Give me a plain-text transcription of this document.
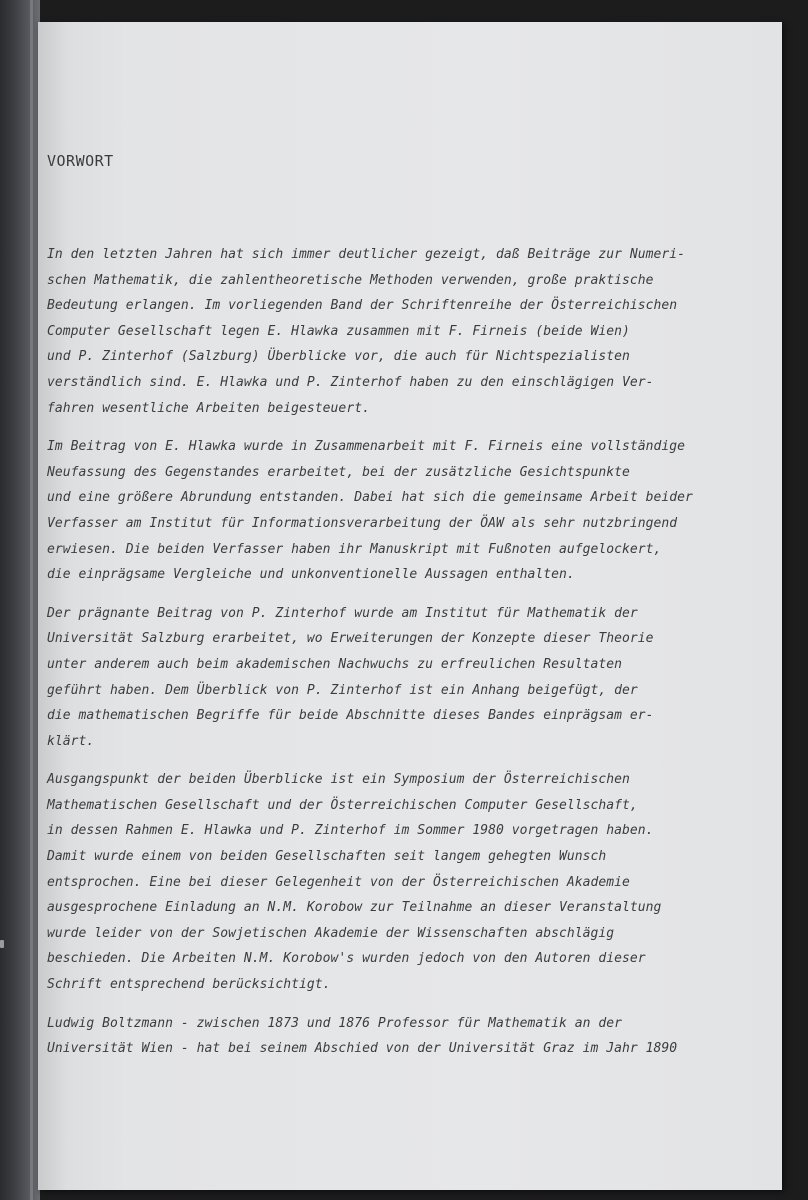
VORWORT
In den letzten Jahren hat sich immer deutlicher gezeigt, daß Beiträge zur Numeri-
schen Mathematik, die zahlentheoretische Methoden verwenden, große praktische
Bedeutung erlangen. Im vorliegenden Band der Schriftenreihe der Österreichischen
Computer Gesellschaft legen E. Hlawka zusammen mit F. Firneis (beide Wien)
und P. Zinterhof (Salzburg) Überblicke vor, die auch für Nichtspezialisten
verständlich sind. E. Hlawka und P. Zinterhof haben zu den einschlägigen Ver-
fahren wesentliche Arbeiten beigesteuert.
Im Beitrag von E. Hlawka wurde in Zusammenarbeit mit F. Firneis eine vollständige
Neufassung des Gegenstandes erarbeitet, bei der zusätzliche Gesichtspunkte
und eine größere Abrundung entstanden. Dabei hat sich die gemeinsame Arbeit beider
Verfasser am Institut für Informationsverarbeitung der ÖAW als sehr nutzbringend
erwiesen. Die beiden Verfasser haben ihr Manuskript mit Fußnoten aufgelockert,
die einprägsame Vergleiche und unkonventionelle Aussagen enthalten.
Der prägnante Beitrag von P. Zinterhof wurde am Institut für Mathematik der
Universität Salzburg erarbeitet, wo Erweiterungen der Konzepte dieser Theorie
unter anderem auch beim akademischen Nachwuchs zu erfreulichen Resultaten
geführt haben. Dem Überblick von P. Zinterhof ist ein Anhang beigefügt, der
die mathematischen Begriffe für beide Abschnitte dieses Bandes einprägsam er-
klärt.
Ausgangspunkt der beiden Überblicke ist ein Symposium der Österreichischen
Mathematischen Gesellschaft und der Österreichischen Computer Gesellschaft,
in dessen Rahmen E. Hlawka und P. Zinterhof im Sommer 1980 vorgetragen haben.
Damit wurde einem von beiden Gesellschaften seit langem gehegten Wunsch
entsprochen. Eine bei dieser Gelegenheit von der Österreichischen Akademie
ausgesprochene Einladung an N.M. Korobow zur Teilnahme an dieser Veranstaltung
wurde leider von der Sowjetischen Akademie der Wissenschaften abschlägig
beschieden. Die Arbeiten N.M. Korobow's wurden jedoch von den Autoren dieser
Schrift entsprechend berücksichtigt.
Ludwig Boltzmann - zwischen 1873 und 1876 Professor für Mathematik an der
Universität Wien - hat bei seinem Abschied von der Universität Graz im Jahr 1890
